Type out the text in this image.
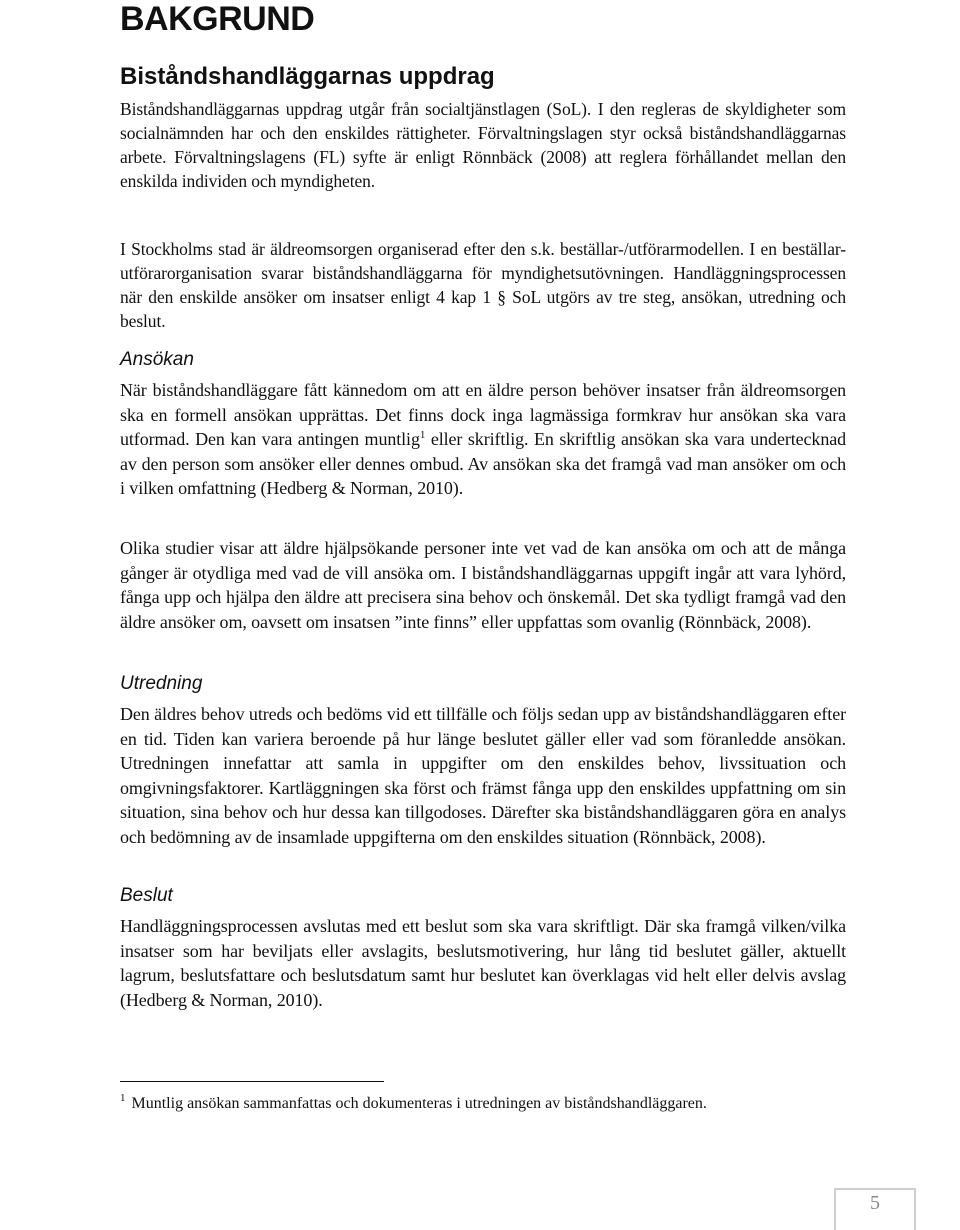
BAKGRUND
Biståndshandläggarnas uppdrag

Biståndshandläggarnas uppdrag utgår från socialtjänstlagen (SoL). I den regleras de skyldigheter som socialnämnden har och den enskildes rättigheter. Förvaltningslagen styr också biståndshandläggarnas arbete. Förvaltningslagens (FL) syfte är enligt Rönnbäck (2008) att reglera förhållandet mellan den enskilda individen och myndigheten.

I Stockholms stad är äldreomsorgen organiserad efter den s.k. beställar-/utförarmodellen. I en beställar-utförarorganisation svarar biståndshandläggarna för myndighetsutövningen. Handläggningsprocessen när den enskilde ansöker om insatser enligt 4 kap 1 § SoL utgörs av tre steg, ansökan, utredning och beslut.

Ansökan

När biståndshandläggare fått kännedom om att en äldre person behöver insatser från äldreomsorgen ska en formell ansökan upprättas. Det finns dock inga lagmässiga formkrav hur ansökan ska vara utformad. Den kan vara antingen muntlig$^1$ eller skriftlig. En skriftlig ansökan ska vara undertecknad av den person som ansöker eller dennes ombud. Av ansökan ska det framgå vad man ansöker om och i vilken omfattning (Hedberg & Norman, 2010).

Olika studier visar att äldre hjälpsökande personer inte vet vad de kan ansöka om och att de många gånger är otydliga med vad de vill ansöka om. I biståndshandläggarnas uppgift ingår att vara lyhörd, fånga upp och hjälpa den äldre att precisera sina behov och önskemål. Det ska tydligt framgå vad den äldre ansöker om, oavsett om insatsen ”inte finns” eller uppfattas som ovanlig (Rönnbäck, 2008).

Utredning

Den äldres behov utreds och bedöms vid ett tillfälle och följs sedan upp av biståndshandläggaren efter en tid. Tiden kan variera beroende på hur länge beslutet gäller eller vad som föranledde ansökan. Utredningen innefattar att samla in uppgifter om den enskildes behov, livssituation och omgivningsfaktorer. Kartläggningen ska först och främst fånga upp den enskildes uppfattning om sin situation, sina behov och hur dessa kan tillgodoses. Därefter ska biståndshandläggaren göra en analys och bedömning av de insamlade uppgifterna om den enskildes situation (Rönnbäck, 2008).

Beslut

Handläggningsprocessen avslutas med ett beslut som ska vara skriftligt. Där ska framgå vilken/vilka insatser som har beviljats eller avslagits, beslutsmotivering, hur lång tid beslutet gäller, aktuellt lagrum, beslutsfattare och beslutsdatum samt hur beslutet kan överklagas vid helt eller delvis avslag (Hedberg & Norman, 2010).

$^1$ Muntlig ansökan sammanfattas och dokumenteras i utredningen av biståndshandläggaren.

5
